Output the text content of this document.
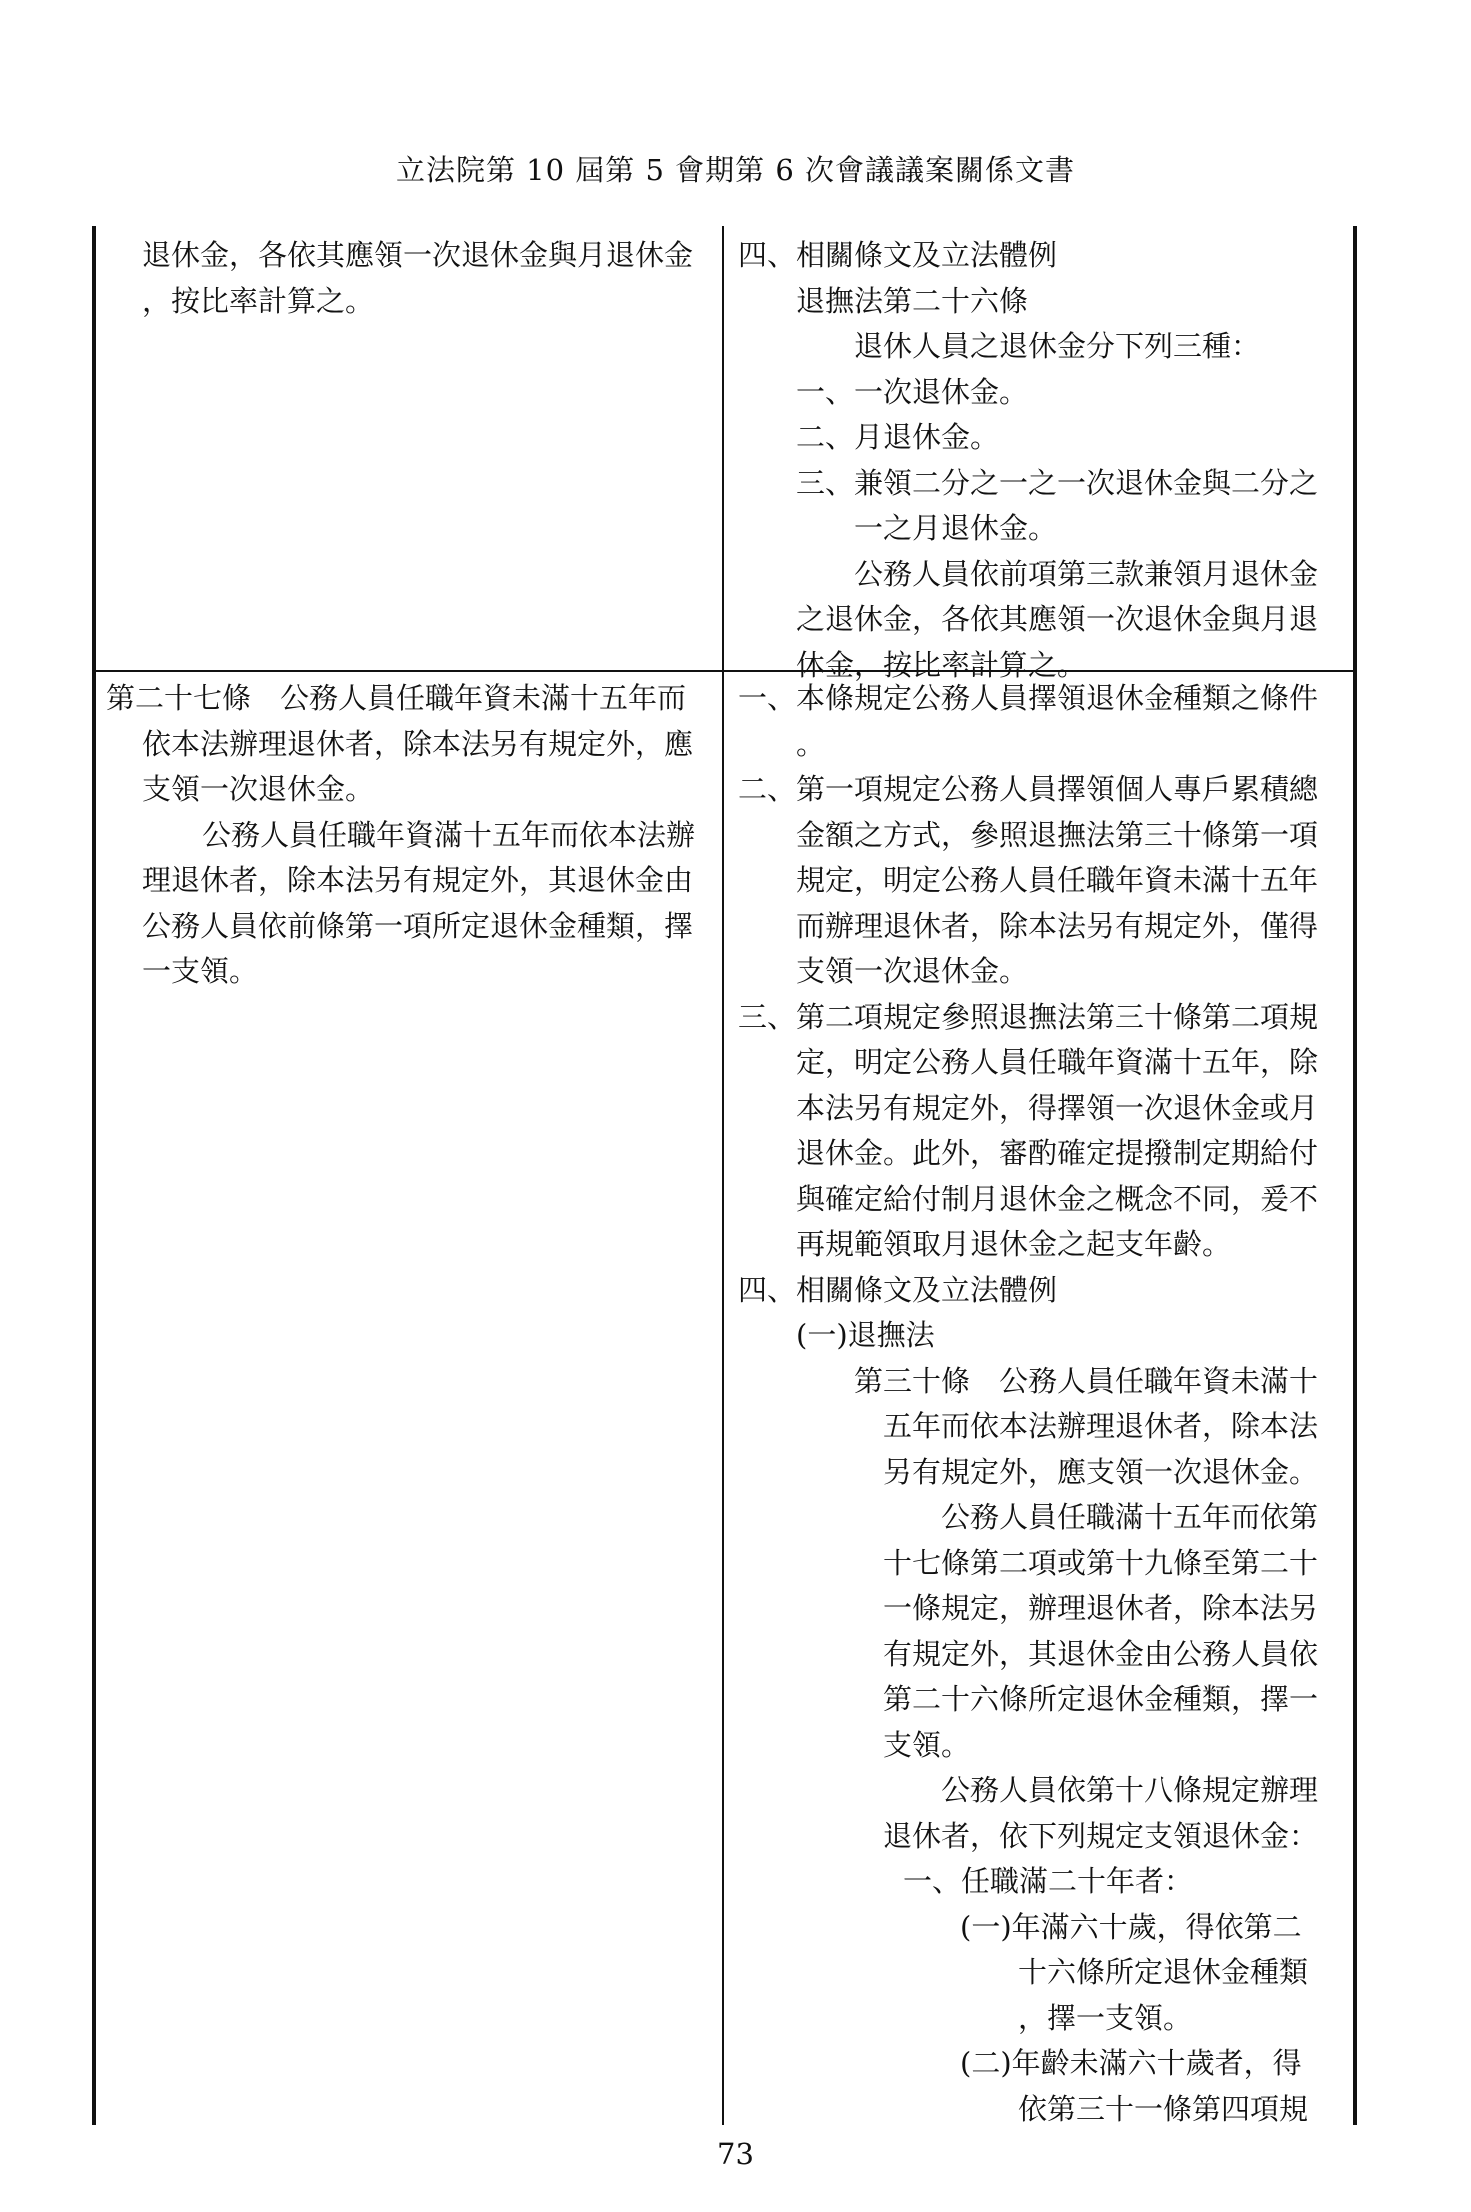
立法院第 10 屆第 5 會期第 6 次會議議案關係文書
退休金，各依其應領一次退休金與月退休金
，按比率計算之。
四、相關條文及立法體例
退撫法第二十六條
退休人員之退休金分下列三種：
一、一次退休金。
二、月退休金。
三、兼領二分之一之一次退休金與二分之
一之月退休金。
公務人員依前項第三款兼領月退休金
之退休金，各依其應領一次退休金與月退
休金，按比率計算之。
第二十七條　公務人員任職年資未滿十五年而
依本法辦理退休者，除本法另有規定外，應
支領一次退休金。
公務人員任職年資滿十五年而依本法辦
理退休者，除本法另有規定外，其退休金由
公務人員依前條第一項所定退休金種類，擇
一支領。
一、本條規定公務人員擇領退休金種類之條件
。
二、第一項規定公務人員擇領個人專戶累積總
金額之方式，參照退撫法第三十條第一項
規定，明定公務人員任職年資未滿十五年
而辦理退休者，除本法另有規定外，僅得
支領一次退休金。
三、第二項規定參照退撫法第三十條第二項規
定，明定公務人員任職年資滿十五年，除
本法另有規定外，得擇領一次退休金或月
退休金。此外，審酌確定提撥制定期給付
與確定給付制月退休金之概念不同，爰不
再規範領取月退休金之起支年齡。
四、相關條文及立法體例
(一)退撫法
第三十條　公務人員任職年資未滿十
五年而依本法辦理退休者，除本法
另有規定外，應支領一次退休金。
公務人員任職滿十五年而依第
十七條第二項或第十九條至第二十
一條規定，辦理退休者，除本法另
有規定外，其退休金由公務人員依
第二十六條所定退休金種類，擇一
支領。
公務人員依第十八條規定辦理
退休者，依下列規定支領退休金：
一、任職滿二十年者：
(一)年滿六十歲，得依第二
十六條所定退休金種類
，擇一支領。
(二)年齡未滿六十歲者，得
依第三十一條第四項規
73
